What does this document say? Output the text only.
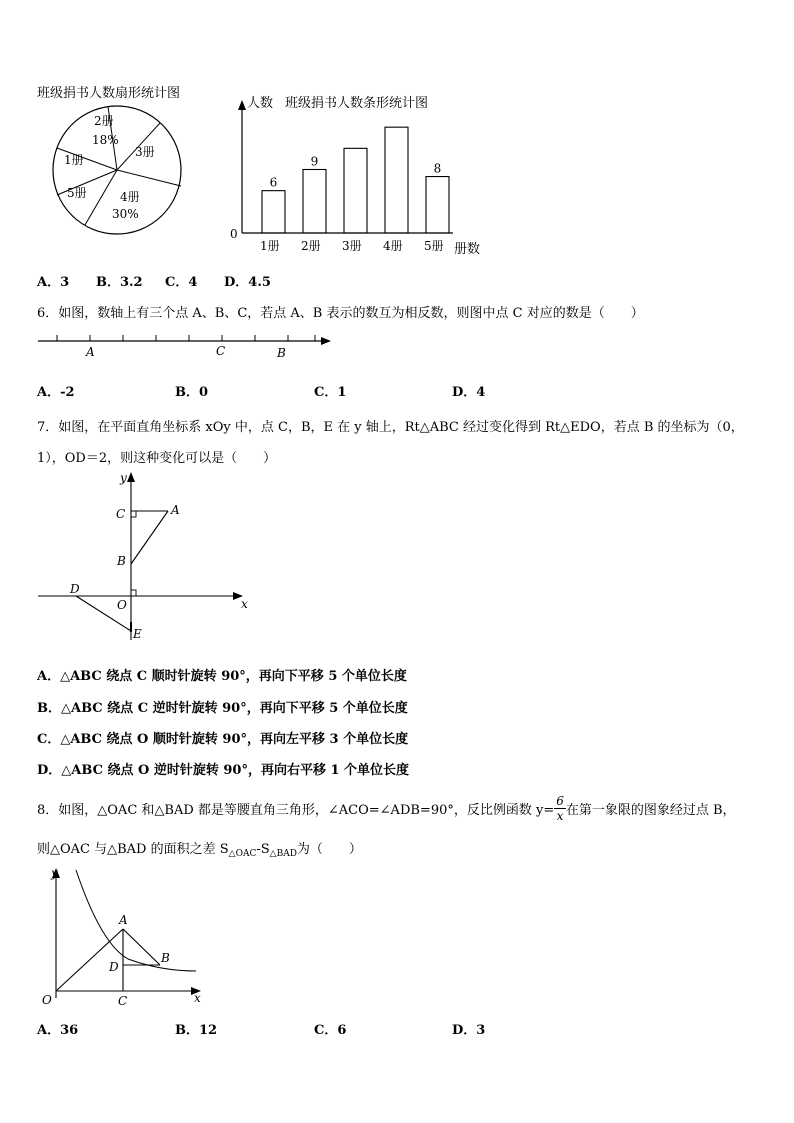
班级捐书人数扇形统计图
2册
18%
3册
1册
5册	4册
30%
人数 班级捐书人数条形统计图
0
册数
1册
6
2册
9
3册 4册 5册
8
A．3 B．3.2 C．4 D．4.5
6．如图，数轴上有三个点 A、B、C，若点 A、B 表示的数互为相反数，则图中点 C 对应的数是（　　）
A	C	B
A．-2	B．0	C．1	D．4
7．如图，在平面直角坐标系 xOy 中，点 C，B，E 在 y 轴上，Rt△ABC 经过变化得到 Rt△EDO，若点 B 的坐标为（0，
1），OD＝2，则这种变化可以是（　　）
y
C	A
B
D
O	x
E
A．△ABC 绕点 C 顺时针旋转 90°，再向下平移 5 个单位长度
B．△ABC 绕点 C 逆时针旋转 90°，再向下平移 5 个单位长度
C．△ABC 绕点 O 顺时针旋转 90°，再向左平移 3 个单位长度
D．△ABC 绕点 O 逆时针旋转 90°，再向右平移 1 个单位长度
8．如图，△OAC 和△BAD 都是等腰直角三角形，∠ACO=∠ADB=90°，反比例函数 $y= \frac{6}{x}$ 在第一象限的图象经过点 B，
则△OAC 与△BAD 的面积之差 $S_{\triangle OAC}-S_{\triangle BAD}$为（　　）
y
A
B
D
O	C	x
A．36	B．12	C．6	D．3
